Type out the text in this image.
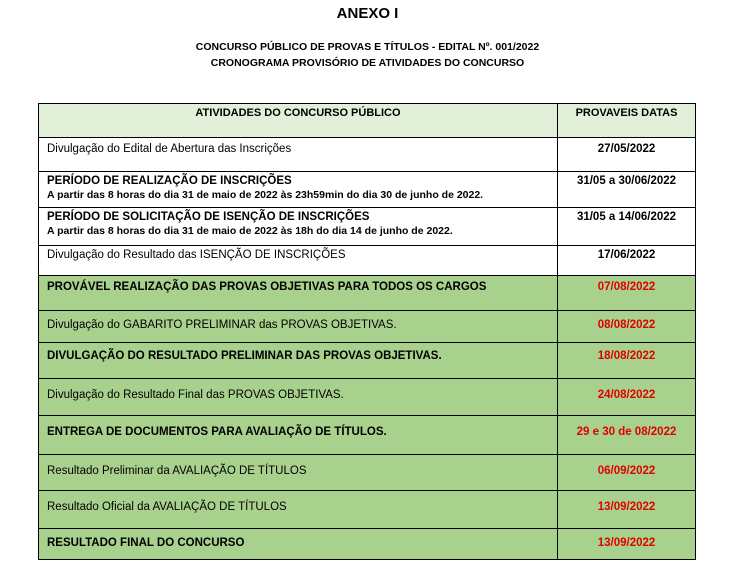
ANEXO I
CONCURSO PÚBLICO DE PROVAS E TÍTULOS - EDITAL Nº. 001/2022
CRONOGRAMA PROVISÓRIO DE ATIVIDADES DO CONCURSO
ATIVIDADES DO CONCURSO PÚBLICO	PROVAVEIS DATAS

Divulgação do Edital de Abertura das Inscrições	27/05/2022

PERÍODO DE REALIZAÇÃO DE INSCRIÇÕES
A partir das 8 horas do dia 31 de maio de 2022 às 23h59min do dia 30 de junho de 2022.	31/05 a 30/06/2022

PERÍODO DE SOLICITAÇÃO DE ISENÇÃO DE INSCRIÇÕES
A partir das 8 horas do dia 31 de maio de 2022 às 18h do dia 14 de junho de 2022.	31/05 a 14/06/2022

Divulgação do Resultado das ISENÇÃO DE INSCRIÇÕES	17/06/2022

PROVÁVEL REALIZAÇÃO DAS PROVAS OBJETIVAS PARA TODOS OS CARGOS	07/08/2022

Divulgação do GABARITO PRELIMINAR das PROVAS OBJETIVAS.	08/08/2022

DIVULGAÇÃO DO RESULTADO PRELIMINAR DAS PROVAS OBJETIVAS.	18/08/2022

Divulgação do Resultado Final das PROVAS OBJETIVAS.	24/08/2022

ENTREGA DE DOCUMENTOS PARA AVALIAÇÃO DE TÍTULOS.	29 e 30 de 08/2022

Resultado Preliminar da AVALIAÇÃO DE TÍTULOS	06/09/2022

Resultado Oficial da AVALIAÇÃO DE TÍTULOS	13/09/2022

RESULTADO FINAL DO CONCURSO	13/09/2022
